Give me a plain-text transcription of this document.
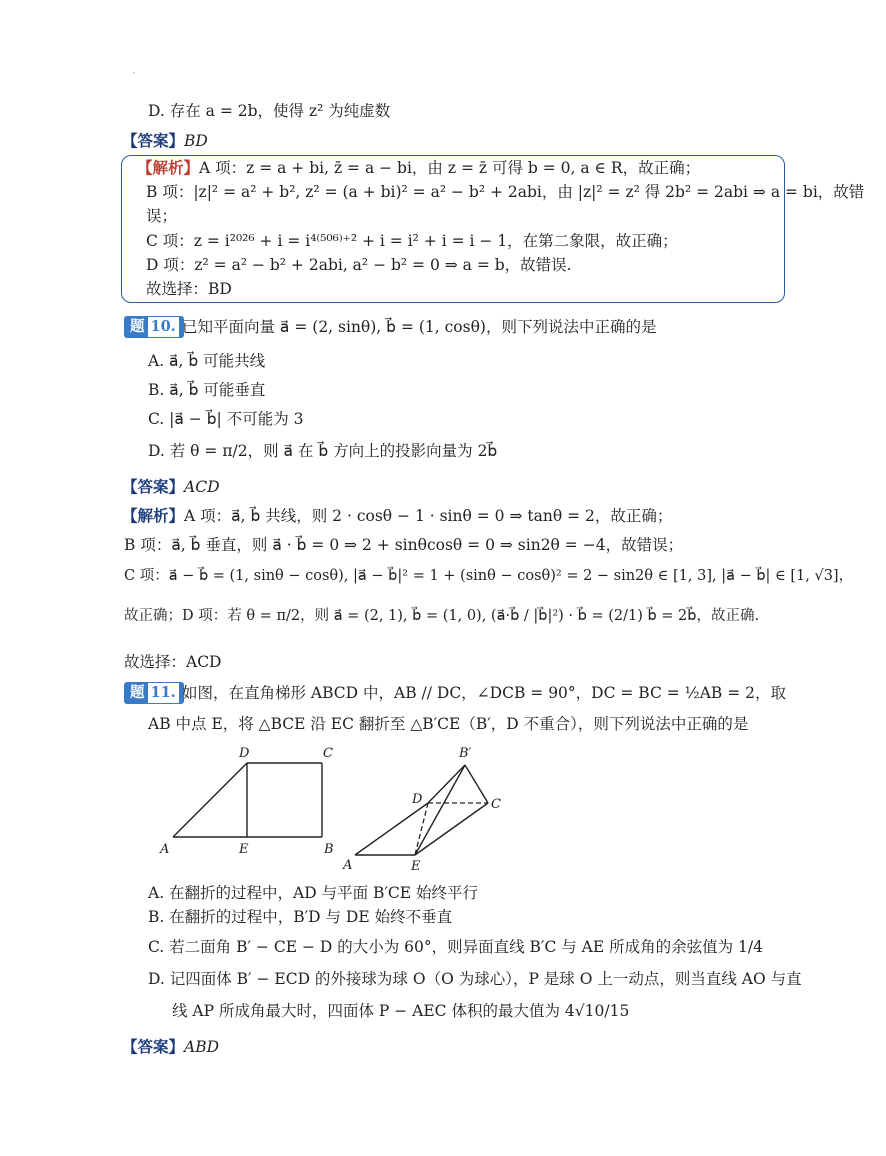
·
D. 存在 a = 2b，使得 z² 为纯虚数
【答案】BD
【解析】A 项：z = a + bi, z̄ = a − bi，由 z = z̄ 可得 b = 0, a ∈ R，故正确；
B 项：|z|² = a² + b², z² = (a + bi)² = a² − b² + 2abi，由 |z|² = z² 得 2b² = 2abi ⇒ a = bi，故错
误；
C 项：z = i²⁰²⁶ + i = i⁴⁽⁵⁰⁶⁾⁺² + i = i² + i = i − 1，在第二象限，故正确；
D 项：z² = a² − b² + 2abi, a² − b² = 0 ⇒ a = b，故错误.
故选择：BD
题 10. 已知平面向量 a⃗ = (2, sinθ), b⃗ = (1, cosθ)，则下列说法中正确的是
A. a⃗, b⃗ 可能共线
B. a⃗, b⃗ 可能垂直
C. |a⃗ − b⃗| 不可能为 3
D. 若 θ = π/2，则 a⃗ 在 b⃗ 方向上的投影向量为 2b⃗
【答案】ACD
【解析】A 项：a⃗, b⃗ 共线，则 2 · cosθ − 1 · sinθ = 0 ⇒ tanθ = 2，故正确；
B 项：a⃗, b⃗ 垂直，则 a⃗ · b⃗ = 0 ⇒ 2 + sinθcosθ = 0 ⇒ sin2θ = −4，故错误；
C 项：a⃗ − b⃗ = (1, sinθ − cosθ), |a⃗ − b⃗|² = 1 + (sinθ − cosθ)² = 2 − sin2θ ∈ [1, 3], |a⃗ − b⃗| ∈ [1, √3]，
故正确；D 项：若 θ = π/2，则 a⃗ = (2, 1), b⃗ = (1, 0), (a⃗·b⃗ / |b⃗|²) · b⃗ = (2/1) b⃗ = 2b⃗，故正确.
故选择：ACD
题 11. 如图，在直角梯形 ABCD 中，AB // DC，∠DCB = 90°，DC = BC = ½AB = 2，取
AB 中点 E，将 △BCE 沿 EC 翻折至 △B′CE（B′，D 不重合），则下列说法中正确的是
D	C
A	E	B
B′
D	C
A	E
A. 在翻折的过程中，AD 与平面 B′CE 始终平行
B. 在翻折的过程中，B′D 与 DE 始终不垂直
C. 若二面角 B′ − CE − D 的大小为 60°，则异面直线 B′C 与 AE 所成角的余弦值为 1/4
D. 记四面体 B′ − ECD 的外接球为球 O（O 为球心），P 是球 O 上一动点，则当直线 AO 与直
线 AP 所成角最大时，四面体 P − AEC 体积的最大值为 4√10/15
【答案】ABD
